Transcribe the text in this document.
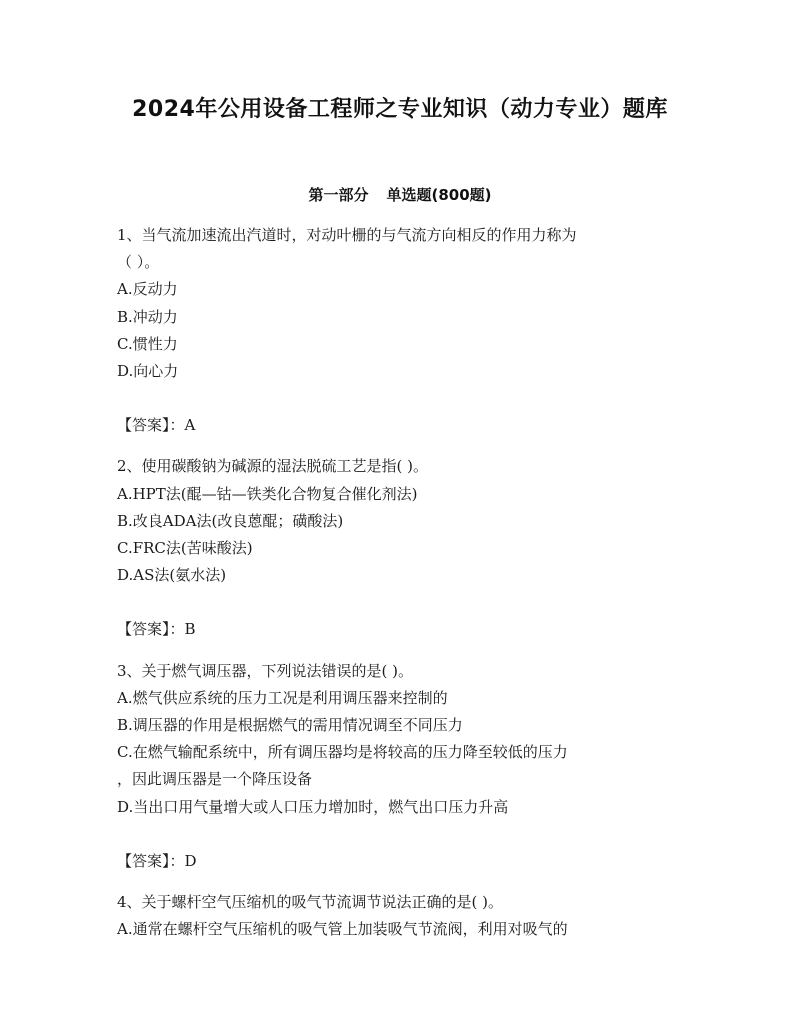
2024年公用设备工程师之专业知识（动力专业）题库
第一部分 单选题(800题)
1、当气流加速流出汽道时，对动叶栅的与气流方向相反的作用力称为
（ ）。
A.反动力
B.冲动力
C.惯性力
D.向心力
【答案】：A
2、使用碳酸钠为碱源的湿法脱硫工艺是指( )。
A.HPT法(醌—钴—铁类化合物复合催化剂法)
B.改良ADA法(改良蒽醌；磺酸法)
C.FRC法(苦味酸法)
D.AS法(氨水法)
【答案】：B
3、关于燃气调压器，下列说法错误的是( )。
A.燃气供应系统的压力工况是利用调压器来控制的
B.调压器的作用是根据燃气的需用情况调至不同压力
C.在燃气输配系统中，所有调压器均是将较高的压力降至较低的压力
，因此调压器是一个降压设备
D.当出口用气量增大或人口压力增加时，燃气出口压力升高
【答案】：D
4、关于螺杆空气压缩机的吸气节流调节说法正确的是( )。
A.通常在螺杆空气压缩机的吸气管上加装吸气节流阀，利用对吸气的
